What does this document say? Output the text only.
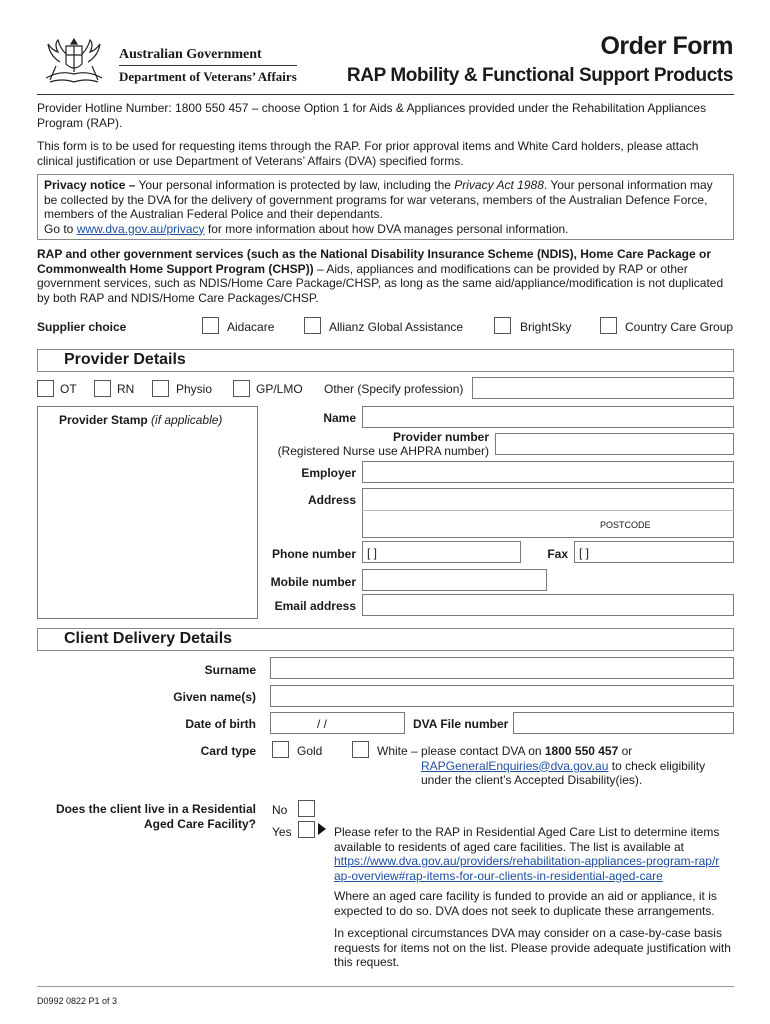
Australian Government
Department of Veterans’ Affairs
Order Form
RAP Mobility & Functional Support Products
Provider Hotline Number: 1800 550 457 – choose Option 1 for Aids & Appliances provided under the Rehabilitation Appliances Program (RAP).
This form is to be used for requesting items through the RAP. For prior approval items and White Card holders, please attach clinical justification or use Department of Veterans’ Affairs (DVA) specified forms.
Privacy notice – Your personal information is protected by law, including the Privacy Act 1988. Your personal information may be collected by the DVA for the delivery of government programs for war veterans, members of the Australian Defence Force, members of the Australian Federal Police and their dependants.
Go to www.dva.gov.au/privacy for more information about how DVA manages personal information.
RAP and other government services (such as the National Disability Insurance Scheme (NDIS), Home Care Package or Commonwealth Home Support Program (CHSP)) – Aids, appliances and modifications can be provided by RAP or other government services, such as NDIS/Home Care Package/CHSP, as long as the same aid/appliance/modification is not duplicated by both RAP and NDIS/Home Care Packages/CHSP.
Supplier choice	Aidacare	Allianz Global Assistance	BrightSky	Country Care Group
Provider Details
OT	RN	Physio	GP/LMO Other (Specify profession)
Provider Stamp (if applicable)	Name
Provider number
(Registered Nurse use AHPRA number)
Employer
Address
POSTCODE
Phone number [ ]	Fax [ ]
Mobile number
Email address
Client Delivery Details
Surname
Given name(s)
Date of birth	/ /	DVA File number
Card type	Gold	White – please contact DVA on 1800 550 457 or
RAPGeneralEnquiries@dva.gov.au to check eligibility
under the client’s Accepted Disability(ies).
Does the client live in a Residential
Aged Care Facility?
No
Yes	Please refer to the RAP in Residential Aged Care List to determine items available to residents of aged care facilities. The list is available at
https://www.dva.gov.au/providers/rehabilitation-appliances-program-rap/rap-overview#rap-items-for-our-clients-in-residential-aged-care
Where an aged care facility is funded to provide an aid or appliance, it is expected to do so. DVA does not seek to duplicate these arrangements.
In exceptional circumstances DVA may consider on a case-by-case basis requests for items not on the list. Please provide adequate justification with this request.
D0992 0822 P1 of 3
